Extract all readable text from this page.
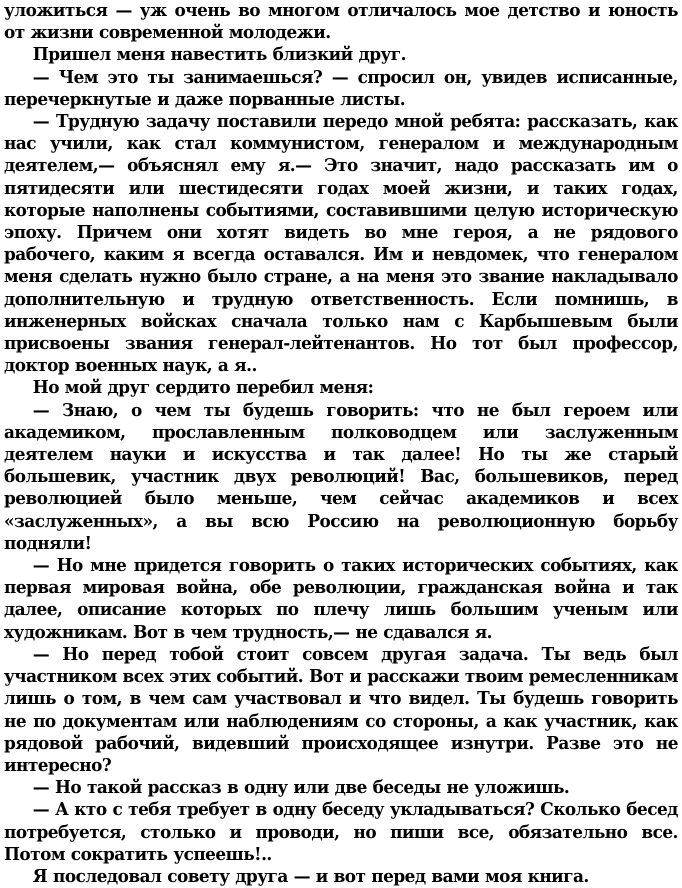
уложиться — уж очень во многом отличалось мое детство и юность от жизни современной молодежи.

Пришел меня навестить близкий друг.

— Чем это ты занимаешься? — спросил он, увидев исписанные, перечеркнутые и даже порванные листы.

— Трудную задачу поставили передо мной ребята: рассказать, как нас учили, как стал коммунистом, генералом и международным деятелем,— объяснял ему я.— Это значит, надо рассказать им о пятидесяти или шестидесяти годах моей жизни, и таких годах, которые наполнены событиями, составившими целую историческую эпоху. Причем они хотят видеть во мне героя, а не рядового рабочего, каким я всегда оставался. Им и невдомек, что генералом меня сделать нужно было стране, а на меня это звание накладывало дополнительную и трудную ответственность. Если помнишь, в инженерных войсках сначала только нам с Карбышевым были присвоены звания генерал-лейтенантов. Но тот был профессор, доктор военных наук, а я..

Но мой друг сердито перебил меня:

— Знаю, о чем ты будешь говорить: что не был героем или академиком, прославленным полководцем или заслуженным деятелем науки и искусства и так далее! Но ты же старый большевик, участник двух революций! Вас, большевиков, перед революцией было меньше, чем сейчас академиков и всех «заслуженных», а вы всю Россию на революционную борьбу подняли!

— Но мне придется говорить о таких исторических событиях, как первая мировая война, обе революции, гражданская война и так далее, описание которых по плечу лишь большим ученым или художникам. Вот в чем трудность,— не сдавался я.

— Но перед тобой стоит совсем другая задача. Ты ведь был участником всех этих событий. Вот и расскажи твоим ремесленникам лишь о том, в чем сам участвовал и что видел. Ты будешь говорить не по документам или наблюдениям со стороны, а как участник, как рядовой рабочий, видевший происходящее изнутри. Разве это не интересно?

— Но такой рассказ в одну или две беседы не уложишь.

— А кто с тебя требует в одну беседу укладываться? Сколько бесед потребуется, столько и проводи, но пиши все, обязательно все. Потом сократить успеешь!..

Я последовал совету друга — и вот перед вами моя книга.
